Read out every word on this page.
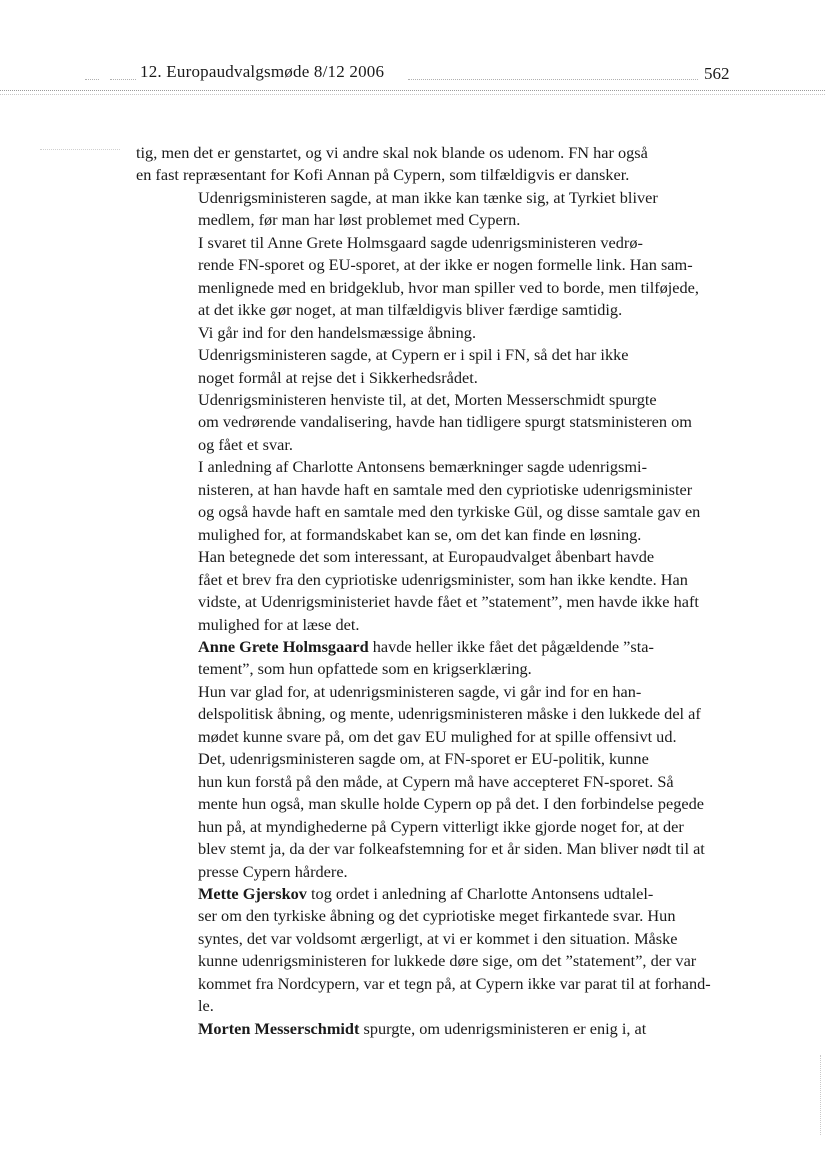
12. Europaudvalgsmøde 8/12 2006	562

tig, men det er genstartet, og vi andre skal nok blande os udenom. FN har også
en fast repræsentant for Kofi Annan på Cypern, som tilfældigvis er dansker.

Udenrigsministeren sagde, at man ikke kan tænke sig, at Tyrkiet bliver
medlem, før man har løst problemet med Cypern.

I svaret til Anne Grete Holmsgaard sagde udenrigsministeren vedrø-
rende FN-sporet og EU-sporet, at der ikke er nogen formelle link. Han sam-
menlignede med en bridgeklub, hvor man spiller ved to borde, men tilføjede,
at det ikke gør noget, at man tilfældigvis bliver færdige samtidig.

Vi går ind for den handelsmæssige åbning.

Udenrigsministeren sagde, at Cypern er i spil i FN, så det har ikke
noget formål at rejse det i Sikkerhedsrådet.

Udenrigsministeren henviste til, at det, Morten Messerschmidt spurgte
om vedrørende vandalisering, havde han tidligere spurgt statsministeren om
og fået et svar.

I anledning af Charlotte Antonsens bemærkninger sagde udenrigsmi-
nisteren, at han havde haft en samtale med den cypriotiske udenrigsminister
og også havde haft en samtale med den tyrkiske Gül, og disse samtale gav en
mulighed for, at formandskabet kan se, om det kan finde en løsning.

Han betegnede det som interessant, at Europaudvalget åbenbart havde
fået et brev fra den cypriotiske udenrigsminister, som han ikke kendte. Han
vidste, at Udenrigsministeriet havde fået et ”statement”, men havde ikke haft
mulighed for at læse det.

Anne Grete Holmsgaard havde heller ikke fået det pågældende ”sta-
tement”, som hun opfattede som en krigserklæring.

Hun var glad for, at udenrigsministeren sagde, vi går ind for en han-
delspolitisk åbning, og mente, udenrigsministeren måske i den lukkede del af
mødet kunne svare på, om det gav EU mulighed for at spille offensivt ud.

Det, udenrigsministeren sagde om, at FN-sporet er EU-politik, kunne
hun kun forstå på den måde, at Cypern må have accepteret FN-sporet. Så
mente hun også, man skulle holde Cypern op på det. I den forbindelse pegede
hun på, at myndighederne på Cypern vitterligt ikke gjorde noget for, at der
blev stemt ja, da der var folkeafstemning for et år siden. Man bliver nødt til at
presse Cypern hårdere.

Mette Gjerskov tog ordet i anledning af Charlotte Antonsens udtalel-
ser om den tyrkiske åbning og det cypriotiske meget firkantede svar. Hun
syntes, det var voldsomt ærgerligt, at vi er kommet i den situation. Måske
kunne udenrigsministeren for lukkede døre sige, om det ”statement”, der var
kommet fra Nordcypern, var et tegn på, at Cypern ikke var parat til at forhand-
le.

Morten Messerschmidt spurgte, om udenrigsministeren er enig i, at
